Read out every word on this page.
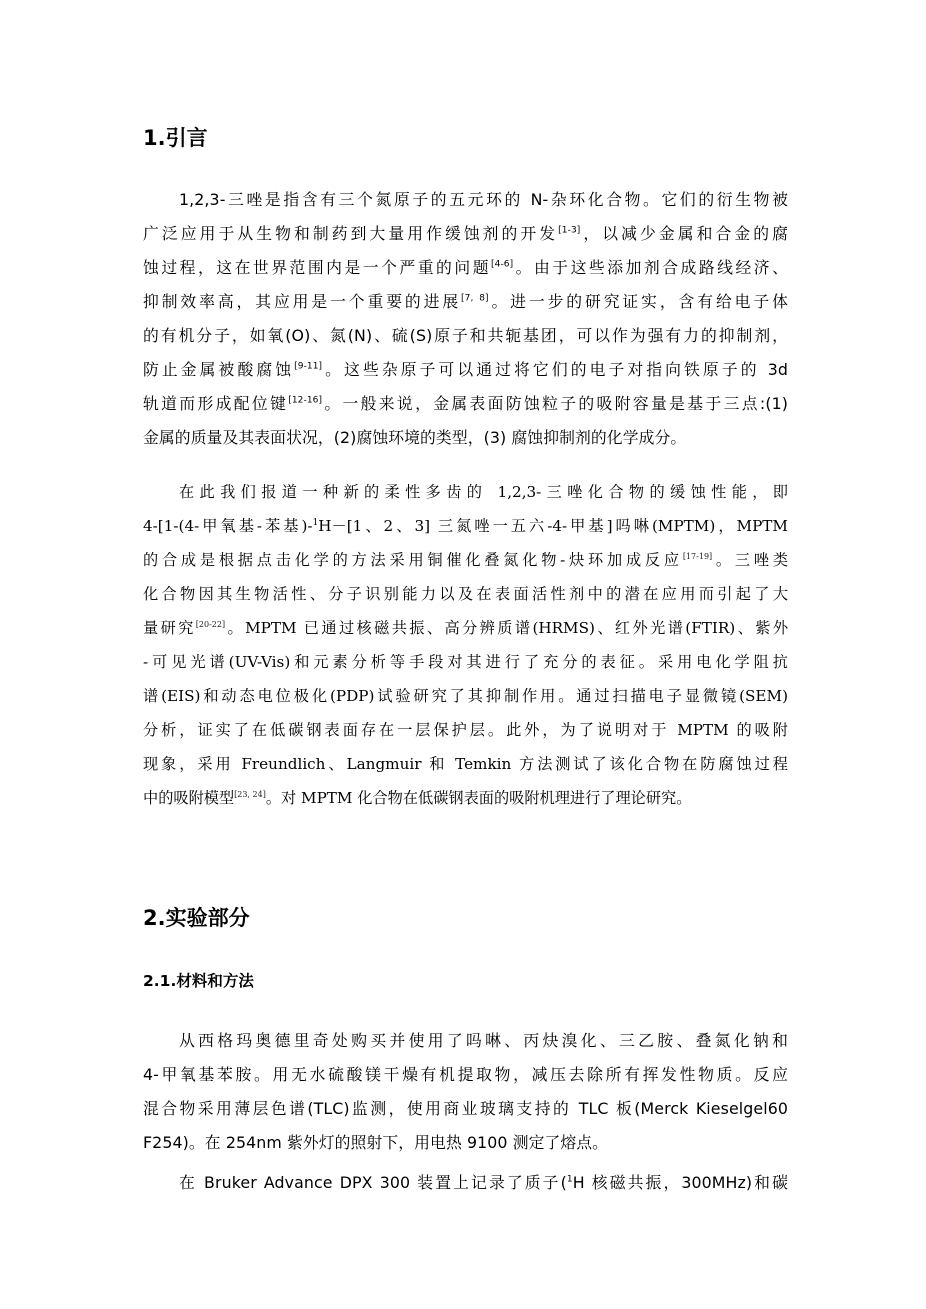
1.引言
1,2,3-三唑是指含有三个氮原子的五元环的 N-杂环化合物。它们的衍生物被
广泛应用于从生物和制药到大量用作缓蚀剂的开发[1-3]，以减少金属和合金的腐
蚀过程，这在世界范围内是一个严重的问题[4-6]。由于这些添加剂合成路线经济、
抑制效率高，其应用是一个重要的进展[7, 8]。进一步的研究证实，含有给电子体
的有机分子，如氧(O)、氮(N)、硫(S)原子和共轭基团，可以作为强有力的抑制剂，
防止金属被酸腐蚀[9-11]。这些杂原子可以通过将它们的电子对指向铁原子的 3d
轨道而形成配位键[12-16]。一般来说，金属表面防蚀粒子的吸附容量是基于三点:(1)
金属的质量及其表面状况，(2)腐蚀环境的类型，(3) 腐蚀抑制剂的化学成分。
在此我们报道一种新的柔性多齿的 1,2,3-三唑化合物的缓蚀性能，即
4-[1-(4-甲氧基-苯基)-$^1$H－[1、2、3] 三氮唑一五六-4-甲基]吗啉(MPTM)，MPTM
的合成是根据点击化学的方法采用铜催化叠氮化物-炔环加成反应[17-19]。三唑类
化合物因其生物活性、分子识别能力以及在表面活性剂中的潜在应用而引起了大
量研究[20-22]。MPTM 已通过核磁共振、高分辨质谱(HRMS)、红外光谱(FTIR)、紫外
-可见光谱(UV-Vis)和元素分析等手段对其进行了充分的表征。采用电化学阻抗
谱(EIS)和动态电位极化(PDP)试验研究了其抑制作用。通过扫描电子显微镜(SEM)
分析，证实了在低碳钢表面存在一层保护层。此外，为了说明对于 MPTM 的吸附
现象，采用 Freundlich、Langmuir 和 Temkin 方法测试了该化合物在防腐蚀过程
中的吸附模型[23, 24]。对 MPTM 化合物在低碳钢表面的吸附机理进行了理论研究。
2.实验部分
2.1.材料和方法
从西格玛奥德里奇处购买并使用了吗啉、丙炔溴化、三乙胺、叠氮化钠和
4-甲氧基苯胺。用无水硫酸镁干燥有机提取物，减压去除所有挥发性物质。反应
混合物采用薄层色谱(TLC)监测，使用商业玻璃支持的 TLC 板(Merck Kieselgel60
F254)。在 254nm 紫外灯的照射下，用电热 9100 测定了熔点。
在 Bruker Advance DPX 300 装置上记录了质子($^1$H 核磁共振，300MHz)和碳
